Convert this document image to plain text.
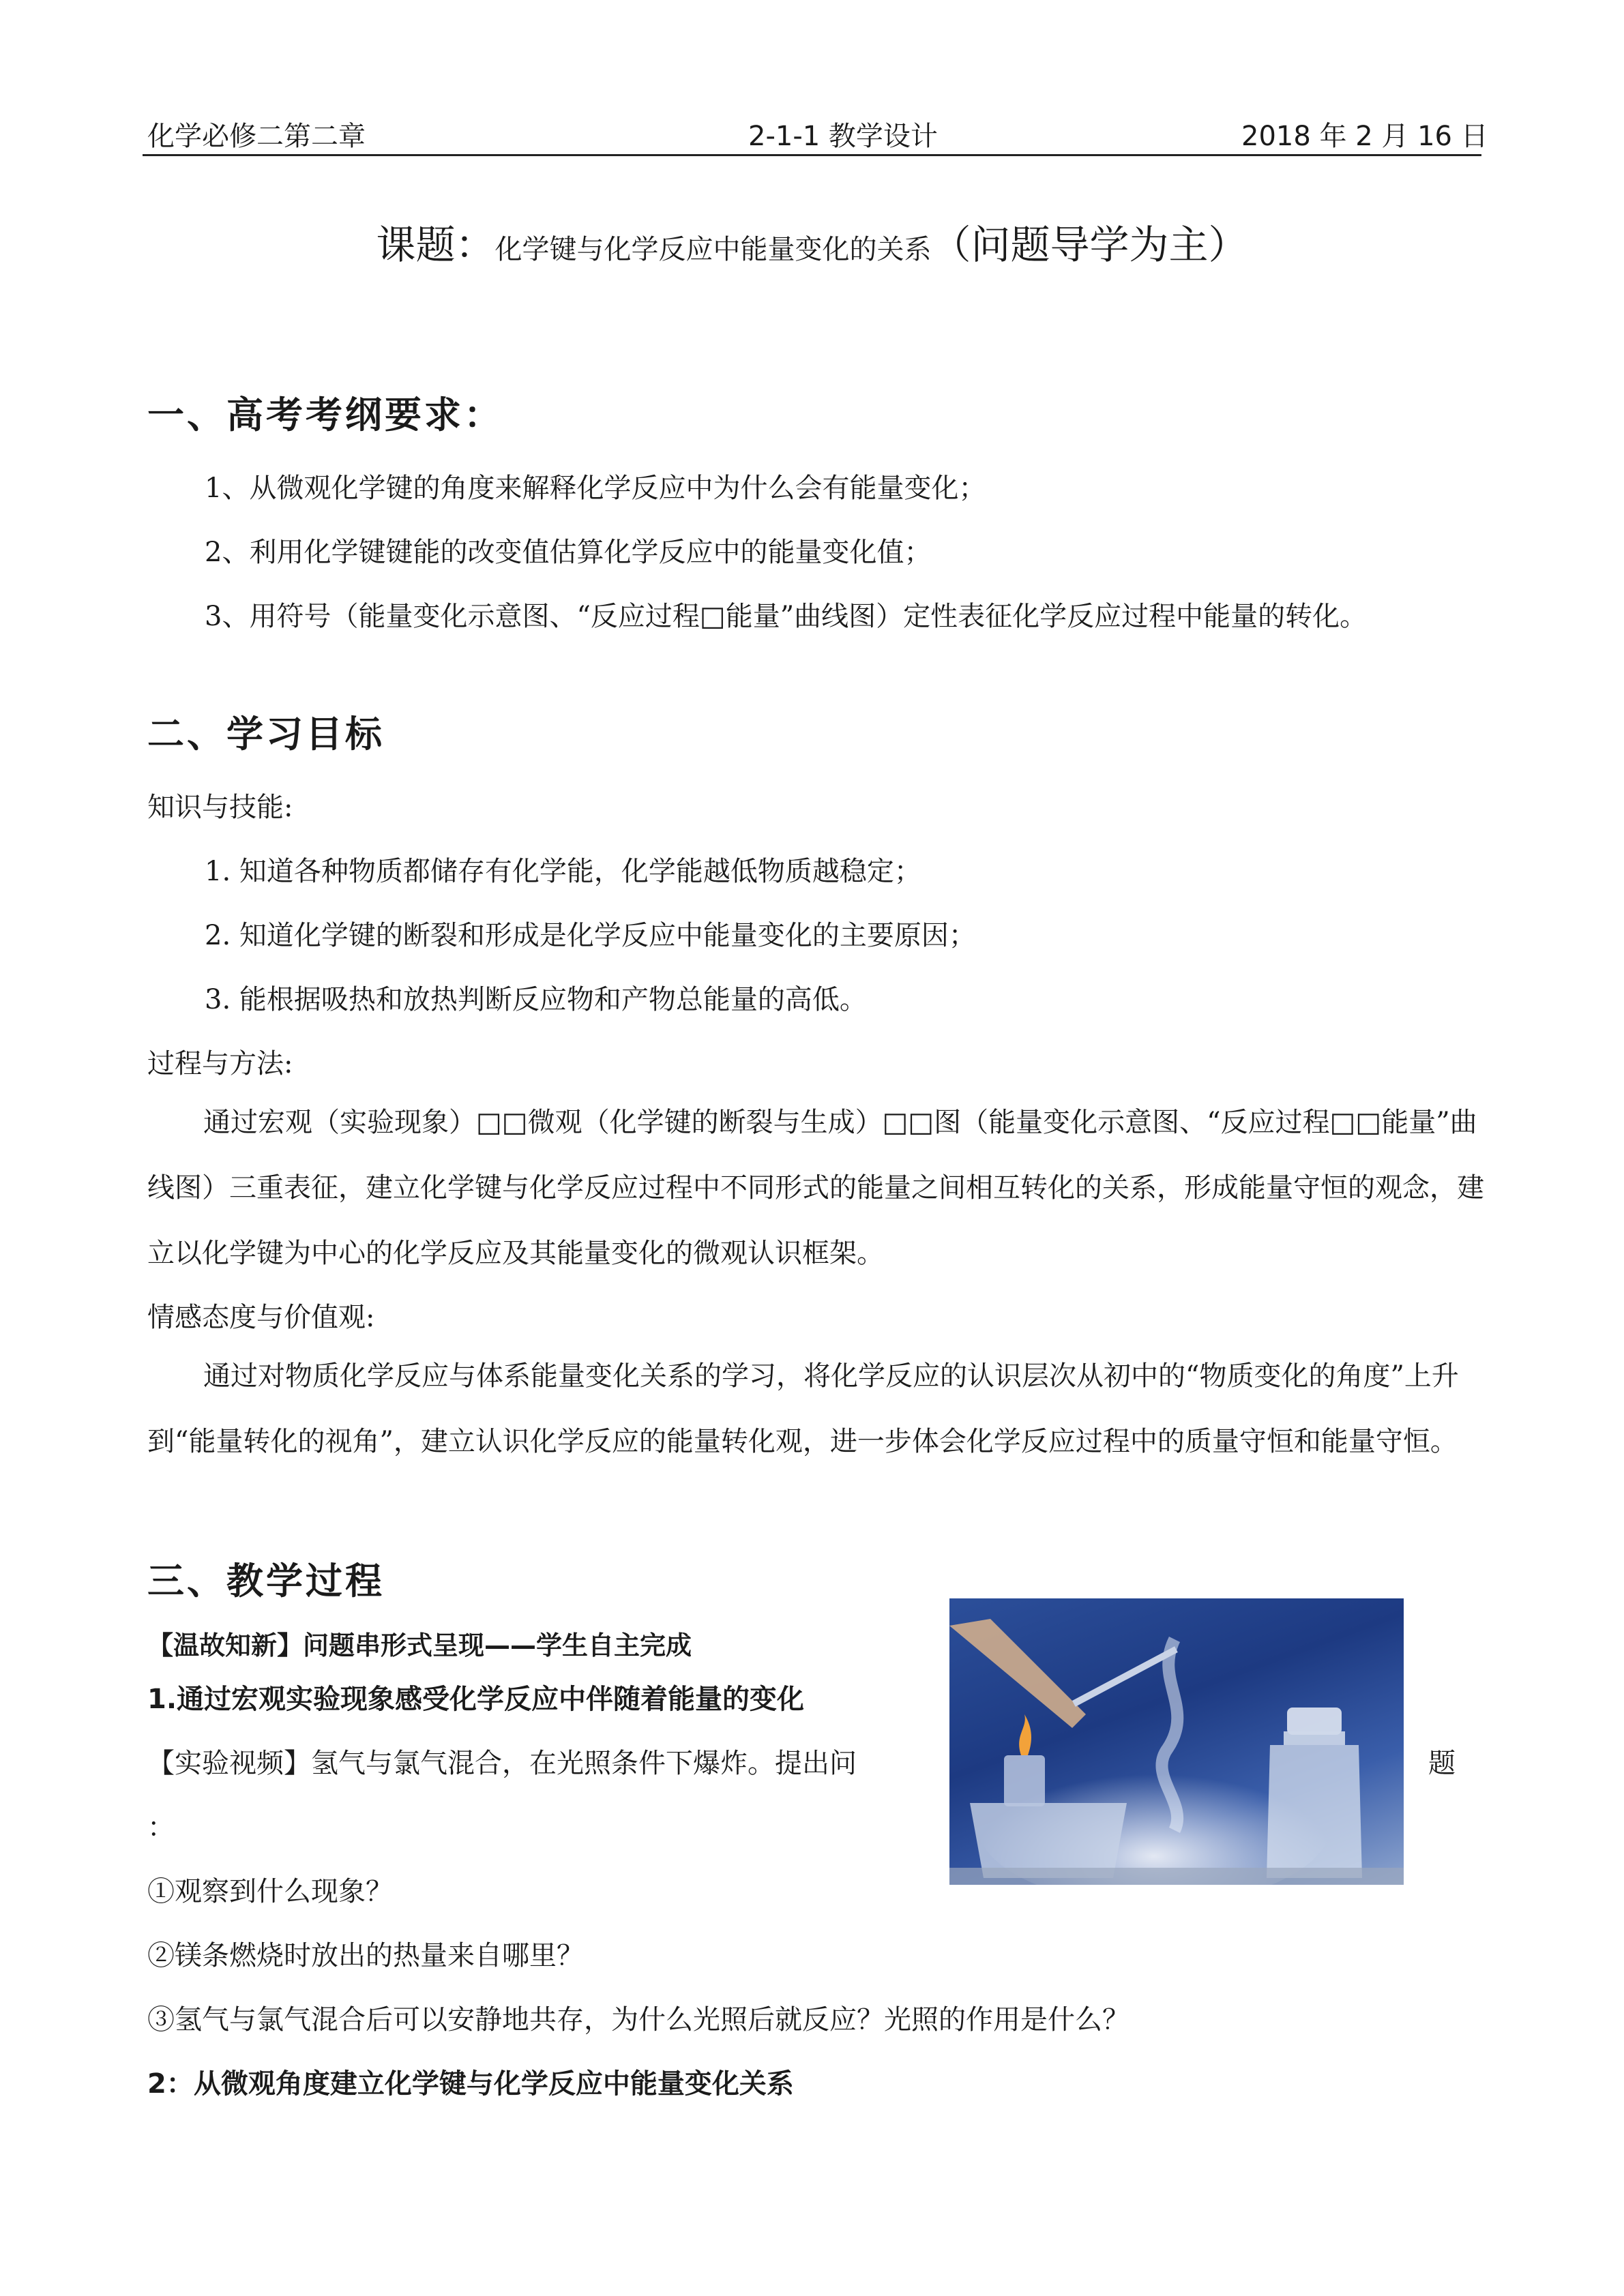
化学必修二第二章	2-1-1 教学设计	2018 年 2 月 16 日
课题：化学键与化学反应中能量变化的关系（问题导学为主）
一、高考考纲要求：
1、从微观化学键的角度来解释化学反应中为什么会有能量变化；
2、利用化学键键能的改变值估算化学反应中的能量变化值；
3、用符号（能量变化示意图、“反应过程□能量”曲线图）定性表征化学反应过程中能量的转化。
二、学习目标
知识与技能:
1. 知道各种物质都储存有化学能，化学能越低物质越稳定；
2. 知道化学键的断裂和形成是化学反应中能量变化的主要原因；
3. 能根据吸热和放热判断反应物和产物总能量的高低。
过程与方法:
通过宏观（实验现象）□□微观（化学键的断裂与生成）□□图（能量变化示意图、“反应过程□□能量”曲线图）三重表征，建立化学键与化学反应过程中不同形式的能量之间相互转化的关系，形成能量守恒的观念，建立以化学键为中心的化学反应及其能量变化的微观认识框架。
情感态度与价值观:
通过对物质化学反应与体系能量变化关系的学习，将化学反应的认识层次从初中的“物质变化的角度”上升到“能量转化的视角”，建立认识化学反应的能量转化观，进一步体会化学反应过程中的质量守恒和能量守恒。
三、教学过程
【温故知新】问题串形式呈现——学生自主完成
1.通过宏观实验现象感受化学反应中伴随着能量的变化
【实验视频】氢气与氯气混合，在光照条件下爆炸。提出问	题
：
①观察到什么现象？
②镁条燃烧时放出的热量来自哪里？
③氢气与氯气混合后可以安静地共存，为什么光照后就反应？光照的作用是什么？
2：从微观角度建立化学键与化学反应中能量变化关系
